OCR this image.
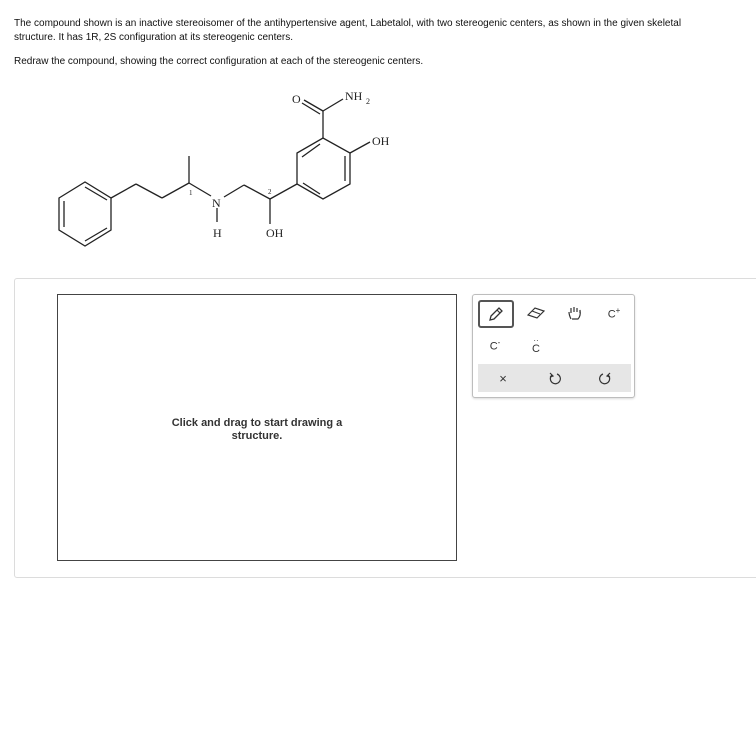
The compound shown is an inactive stereoisomer of the antihypertensive agent, Labetalol, with two stereogenic centers, as shown in the given skeletal

structure. It has 1R, 2S configuration at its stereogenic centers.

Redraw the compound, showing the correct configuration at each of the stereogenic centers.
O	NH 2
OH
N
H	OH
1	2
Click and drag to start drawing a
structure.
C+
C-	··
C
×
